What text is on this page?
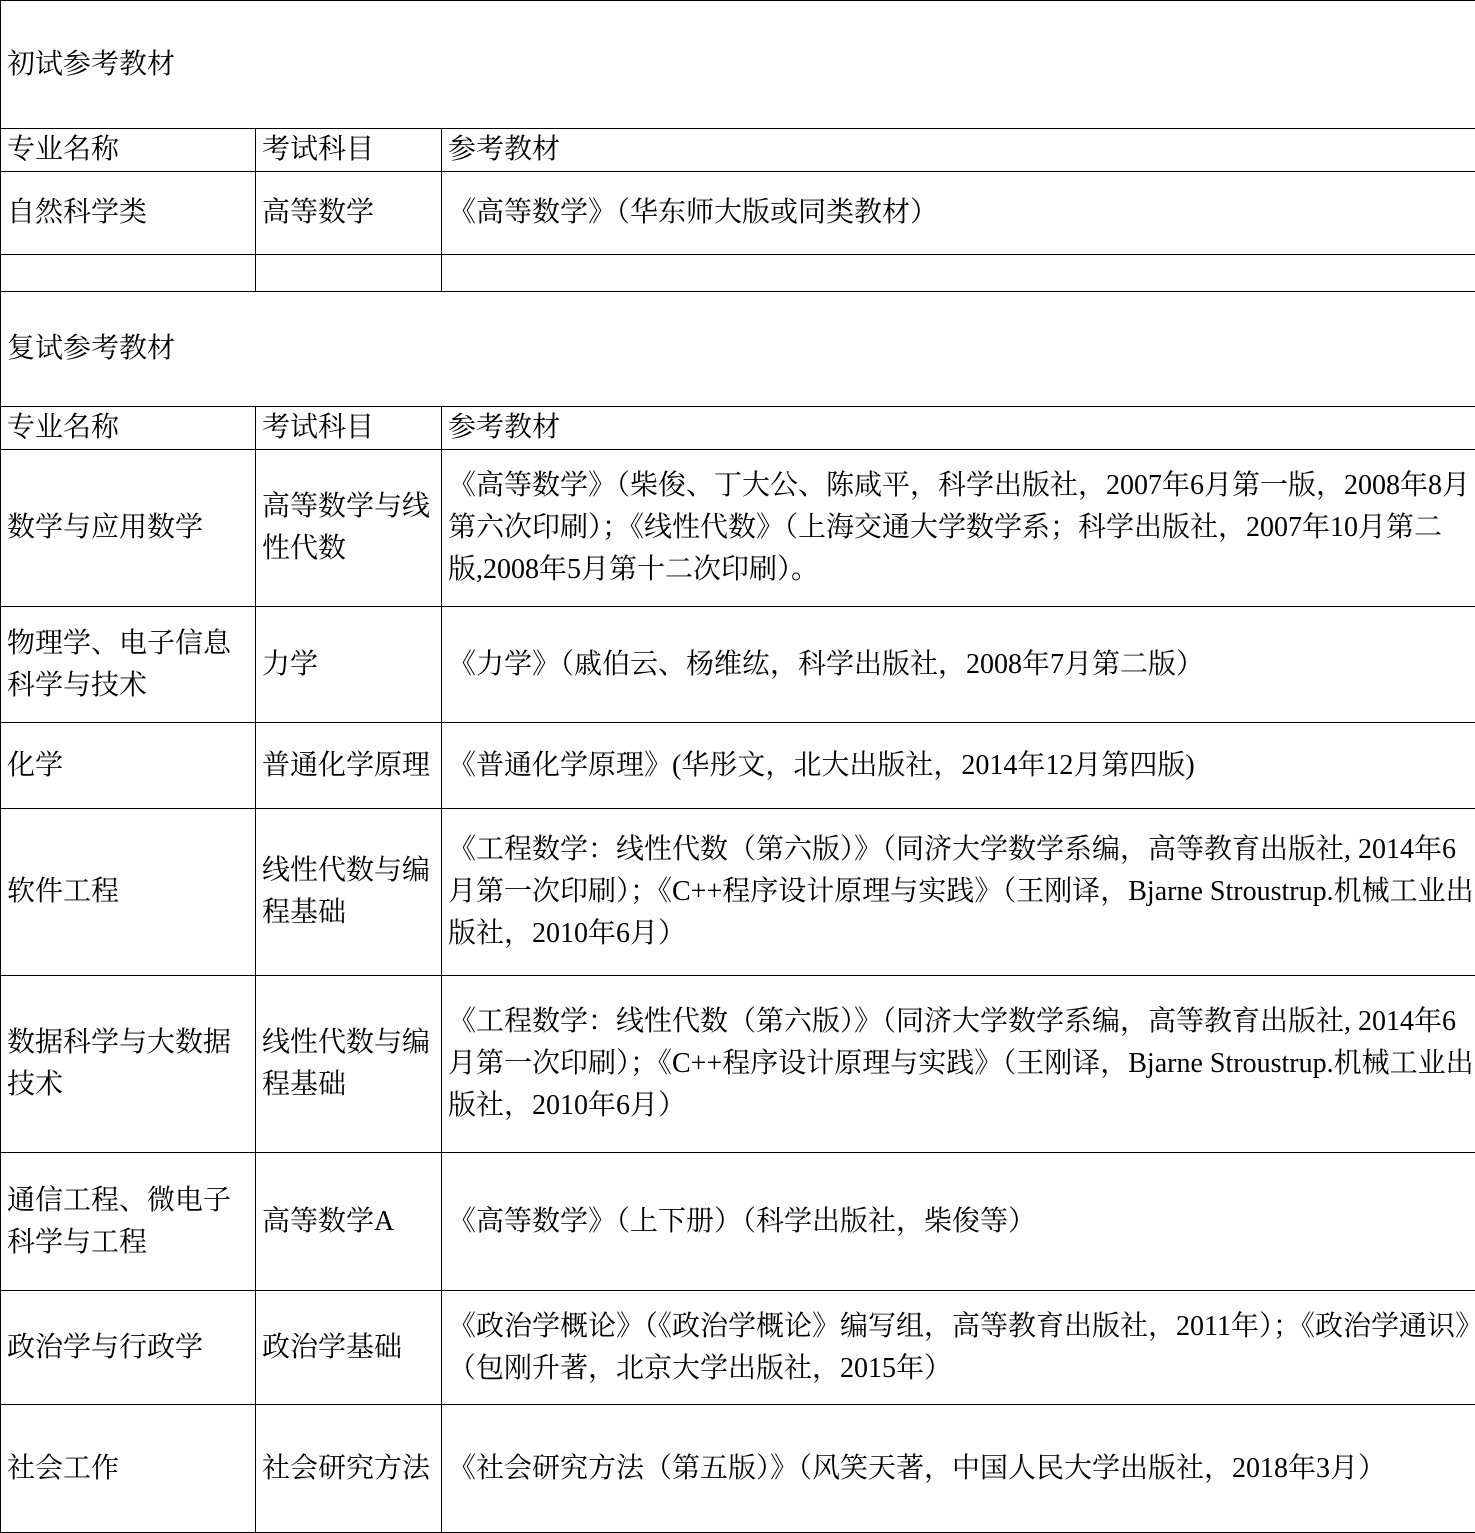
初试参考教材		
专业名称	考试科目	参考教材
自然科学类	高等数学	《高等数学》（华东师大版或同类教材）

复试参考教材		
专业名称	考试科目	参考教材
数学与应用数学	高等数学与线性代数	《高等数学》（柴俊、丁大公、陈咸平，科学出版社，2007年6月第一版，2008年8月第六次印刷）；《线性代数》（上海交通大学数学系；科学出版社，2007年10月第二版,2008年5月第十二次印刷）。
物理学、电子信息科学与技术	力学	《力学》（戚伯云、杨维纮，科学出版社，2008年7月第二版）
化学	普通化学原理	《普通化学原理》(华彤文，北大出版社，2014年12月第四版)
软件工程	线性代数与编程基础	《工程数学：线性代数（第六版）》（同济大学数学系编，高等教育出版社, 2014年6月第一次印刷）；《C++程序设计原理与实践》（王刚译，Bjarne Stroustrup.机械工业出版社，2010年6月）
数据科学与大数据技术	线性代数与编程基础	《工程数学：线性代数（第六版）》（同济大学数学系编，高等教育出版社, 2014年6月第一次印刷）；《C++程序设计原理与实践》（王刚译，Bjarne Stroustrup.机械工业出版社，2010年6月）
通信工程、微电子科学与工程	高等数学A	《高等数学》（上下册）（科学出版社，柴俊等）
政治学与行政学	政治学基础	《政治学概论》（《政治学概论》编写组，高等教育出版社，2011年）；《政治学通识》（包刚升著，北京大学出版社，2015年）
社会工作	社会研究方法	《社会研究方法（第五版）》（风笑天著，中国人民大学出版社，2018年3月）
